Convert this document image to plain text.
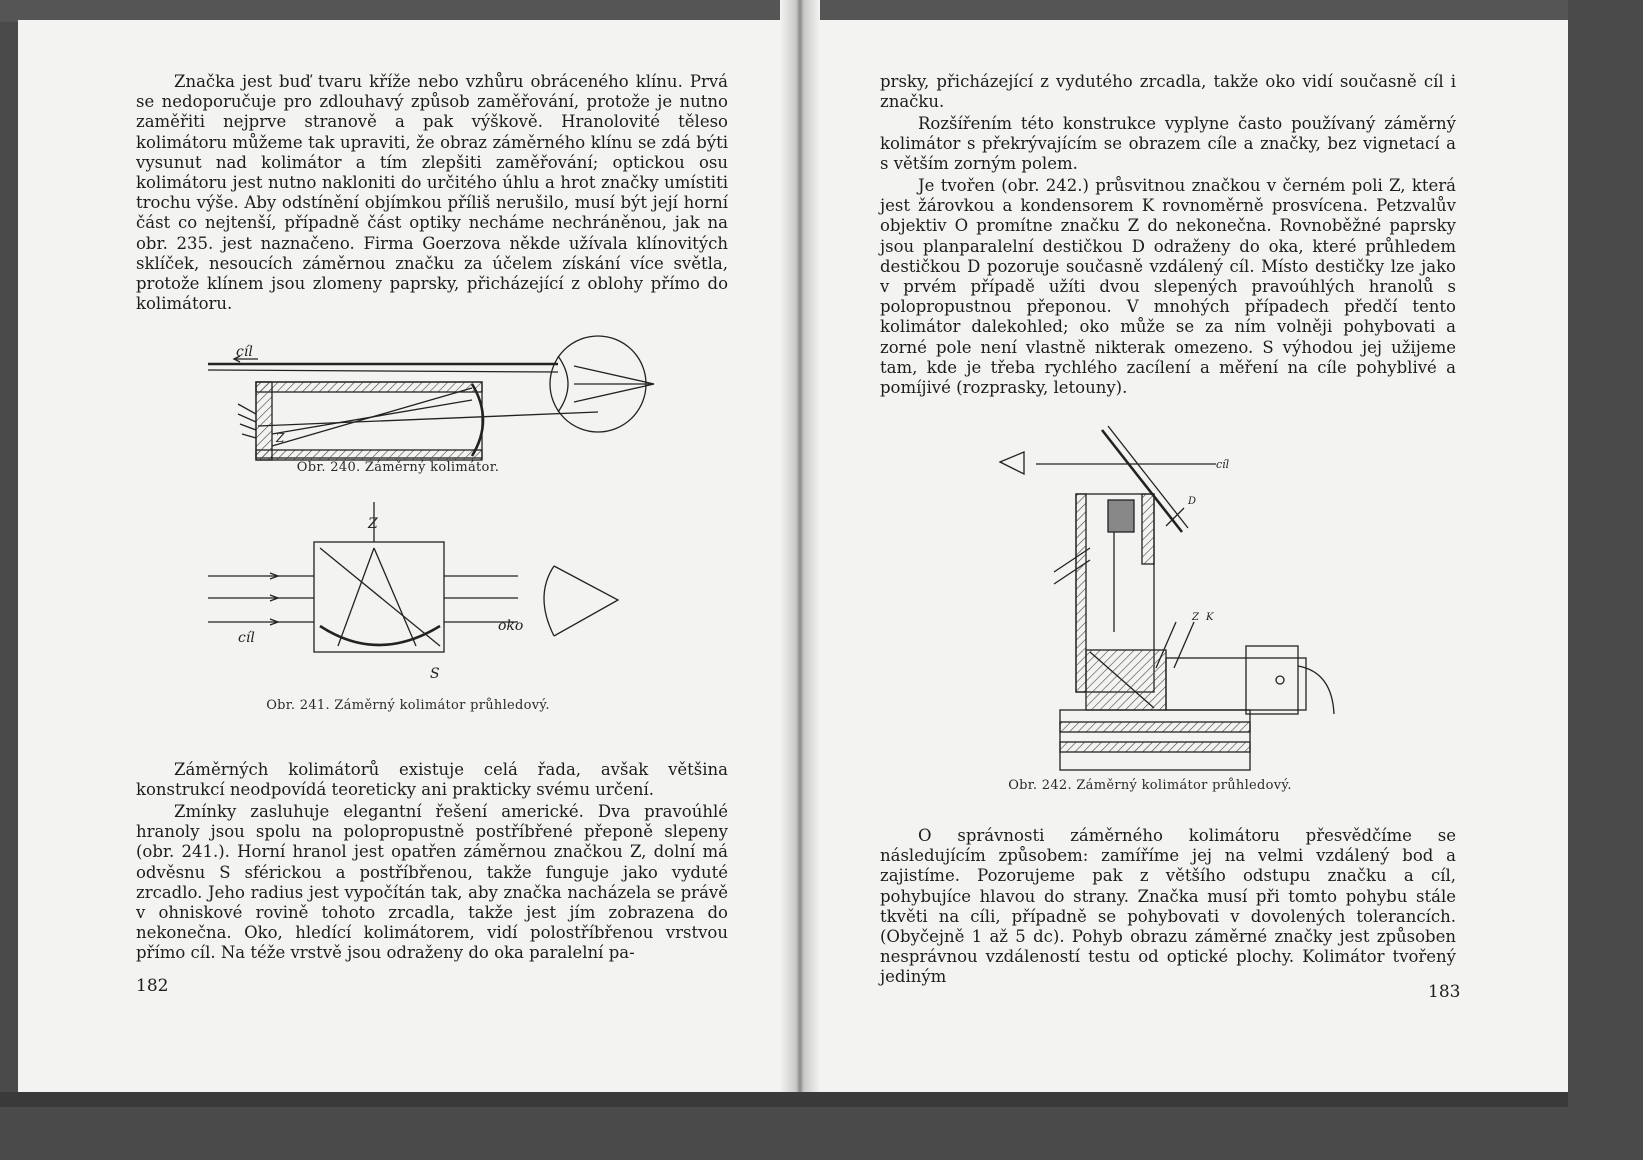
Značka jest buď tvaru kříže nebo vzhůru obráceného klínu. Prvá se nedoporučuje pro zdlouhavý způsob zaměřování, protože je nutno zaměřiti nejprve stranově a pak výškově. Hranolovité těleso kolimátoru můžeme tak upraviti, že obraz záměrného klínu se zdá býti vysunut nad kolimátor a tím zlepšiti zaměřování; optickou osu kolimátoru jest nutno nakloniti do určitého úhlu a hrot značky umístiti trochu výše. Aby odstínění objímkou příliš nerušilo, musí být její horní část co nejtenší, případně část optiky necháme nechráněnou, jak na obr. 235. jest naznačeno. Firma Goerzova někde užívala klínovitých sklíček, nesoucích záměrnou značku za účelem získání více světla, protože klínem jsou zlomeny paprsky, přicházející z oblohy přímo do kolimátoru.

cíl
Z

Obr. 240. Záměrný kolimátor.

Z
cíl
oko
S

Obr. 241. Záměrný kolimátor průhledový.

Záměrných kolimátorů existuje celá řada, avšak většina konstrukcí neodpovídá teoreticky ani prakticky svému určení.

Zmínky zasluhuje elegantní řešení americké. Dva pravoúhlé hranoly jsou spolu na polopropustně postříbřené přeponě slepeny (obr. 241.). Horní hranol jest opatřen záměrnou značkou Z, dolní má odvěsnu S sférickou a postříbřenou, takže funguje jako vyduté zrcadlo. Jeho radius jest vypočítán tak, aby značka nacházela se právě v ohniskové rovině tohoto zrcadla, takže jest jím zobrazena do nekonečna. Oko, hledící kolimátorem, vidí polostříbřenou vrstvou přímo cíl. Na téže vrstvě jsou odraženy do oka paralelní pa-

182

prsky, přicházející z vydutého zrcadla, takže oko vidí současně cíl i značku.

Rozšířením této konstrukce vyplyne často používaný záměrný kolimátor s překrývajícím se obrazem cíle a značky, bez vignetací a s větším zorným polem.

Je tvořen (obr. 242.) průsvitnou značkou v černém poli Z, která jest žárovkou a kondensorem K rovnoměrně prosvícena. Petzvalův objektiv O promítne značku Z do nekonečna. Rovnoběžné paprsky jsou planparalelní destičkou D odraženy do oka, které průhledem destičkou D pozoruje současně vzdálený cíl. Místo destičky lze jako v prvém případě užíti dvou slepených pravoúhlých hranolů s polopropustnou přeponou. V mnohých případech předčí tento kolimátor dalekohled; oko může se za ním volněji pohybovati a zorné pole není vlastně nikterak omezeno. S výhodou jej užijeme tam, kde je třeba rychlého zacílení a měření na cíle pohyblivé a pomíjivé (rozprasky, letouny).

cíl
Z K
D

Obr. 242. Záměrný kolimátor průhledový.

O správnosti záměrného kolimátoru přesvědčíme se následujícím způsobem: zamíříme jej na velmi vzdálený bod a zajistíme. Pozorujeme pak z většího odstupu značku a cíl, pohybujíce hlavou do strany. Značka musí při tomto pohybu stále tkvěti na cíli, případně se pohybovati v dovolených tolerancích. (Obyčejně 1 až 5 dc). Pohyb obrazu záměrné značky jest způsoben nesprávnou vzdáleností testu od optické plochy. Kolimátor tvořený jediným

183
